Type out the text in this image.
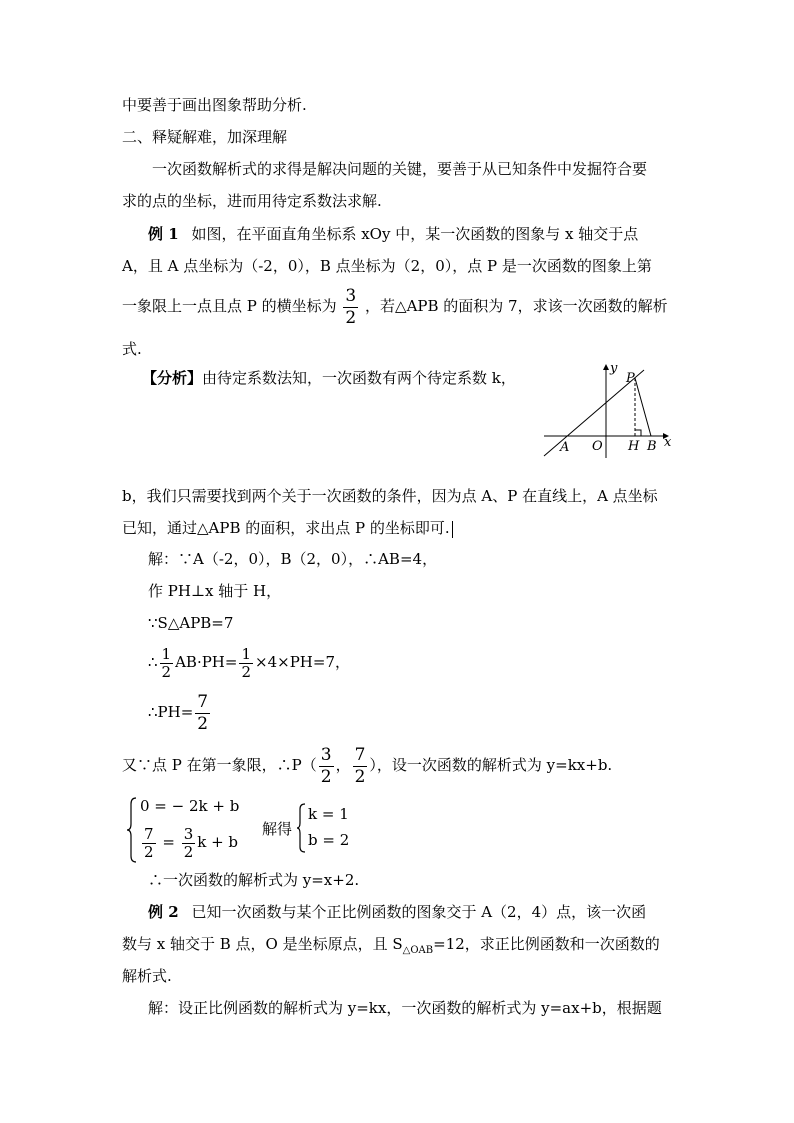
中要善于画出图象帮助分析.
二、释疑解难，加深理解
一次函数解析式的求得是解决问题的关键，要善于从已知条件中发掘符合要
求的点的坐标，进而用待定系数法求解.
例 1 如图，在平面直角坐标系 xOy 中，某一次函数的图象与 x 轴交于点
A，且 A 点坐标为（-2，0），B 点坐标为（2，0），点 P 是一次函数的图象上第
一象限上一点且点 P 的横坐标为 $\frac{3}{2}$ ，若△APB 的面积为 7，求该一次函数的解析
式.
【分析】由待定系数法知，一次函数有两个待定系数 k，
y
P
A O H B x
b，我们只需要找到两个关于一次函数的条件，因为点 A、P 在直线上，A 点坐标
已知，通过△APB 的面积，求出点 P 的坐标即可.
解：∵A（-2，0），B（2，0），∴AB=4，
作 PH⊥x 轴于 H，
∵S△APB=7
∴ $\frac{1}{2} AB\cdot PH= \frac{1}{2} \times 4\times PH=7$，
∴PH= $\frac{7}{2}$
又∵点 P 在第一象限，∴P（ $\frac{3}{2}$ ， $\frac{7}{2}$ ），设一次函数的解析式为 y=kx+b.
0 = − 2k + b
$\frac{7}{2} = \frac{3}{2}$ k + b
解得
k = 1
b = 2
∴一次函数的解析式为 y=x+2.
例 2 已知一次函数与某个正比例函数的图象交于 A（2，4）点，该一次函
数与 x 轴交于 B 点，O 是坐标原点，且 $S_{\triangle OAB}=12$，求正比例函数和一次函数的
解析式.
解：设正比例函数的解析式为 y=kx，一次函数的解析式为 y=ax+b，根据题
